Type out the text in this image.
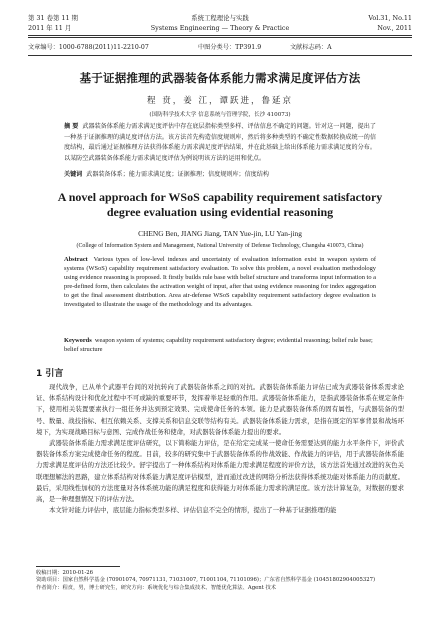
第 31 卷第 11 期	系统工程理论与实践	Vol.31, No.11
2011 年 11 月	Systems Engineering — Theory & Practice	Nov., 2011
文章编号：1000-6788(2011)11-2210-07	中图分类号：TP391.9	文献标志码：A
基于证据推理的武器装备体系能力需求满足度评估方法
程 贲，姜 江，谭跃进，鲁延京
(国防科学技术大学 信息系统与管理学院，长沙 410073)
摘 要 武器装备体系能力需求满足度评估中存在底层指标类型多样、评估信息不确定的问题。针对这一问题，提出了一种基于证据推理的满足度评估方法。该方法首先构造信度规则库，然后将多种类型的不确定性数据转换成统一的信度结构，最后通过证据推理方法获得体系能力需求满足度评估结果，并在此基础上给出体系能力需求满足度的分布。以某防空武器装备体系能力需求满足度评估为例说明该方法的运用和优点。
关键词 武器装备体系；能力需求满足度；证据推理；信度规则库；信度结构
A novel approach for WSoS capability requirement satisfactory degree evaluation using evidential reasoning
CHENG Ben, JIANG Jiang, TAN Yue-jin, LU Yan-jing
(College of Information System and Management, National University of Defense Technology, Changsha 410073, China)
Abstract Various types of low-level indexes and uncertainty of evaluation information exist in weapon system of systems (WSoS) capability requirement satisfactory evaluation. To solve this problem, a novel evaluation methodology using evidence reasoning is proposed. It firstly builds rule base with belief structure and transforms input information to a pre-defined form, then calculates the activation weight of input, after that using evidence reasoning for index aggregation to get the final assessment distribution. Area air-defense WSoS capability requirement satisfactory degree evaluation is investigated to illustrate the usage of the methodology and its advantages.
Keywords weapon system of systems; capability requirement satisfactory degree; evidential reasoning; belief rule base; belief structure
1 引言

现代战争，已从单个武器平台间的对抗转向了武器装备体系之间的对抗。武器装备体系能力评估已成为武器装备体系需求论证、体系结构设计和优化过程中不可或缺的重要环节，发挥着举足轻重的作用。武器装备体系能力，是指武器装备体系在规定条件下，使用相关装置要素执行一组任务并达到预定效果、完成使命任务的本领。能力是武器装备体系的固有属性，与武器装备的型号、数量、战技指标、相互依赖关系、支撑关系和信息交联等结构有关。武器装备体系能力需求，是指在既定的军事背景和战场环境下，为实现战略目标与意图、完成作战任务和使命，对武器装备体系能力提出的要求。

武器装备体系能力需求满足度评估研究，以下简称能力评估，是在给定完成某一使命任务需要达到的能力水平条件下，评价武器装备体系方案完成使命任务的程度。目前，较多的研究集中于武器装备体系的作战效能、作战能力的评估，用于武器装备体系能力需求满足度评估的方法还比较少。舒宇提出了一种体系结构对体系能力需求满足程度的评价方法，该方法首先通过改进的灰色关联理想解法的思路，建立体系结构对体系能力满足度评估模型，进而通过改进的网络分析法获得体系统功能对体系能力的贡献度。最后，采用线性加权的方法度量对各体系统功能的满足程度和获得能力对体系能力需求的满足度。该方法计算复杂，对数据的要求高，是一种理想情况下的评估方法。

本文针对能力评估中，底层能力指标类型多样、评估信息不完全的情形，提出了一种基于证据推理的能

收稿日期：2010-01-26
资助项目：国家自然科学基金 (70901074, 70971131, 71031007, 71001104, 71101096)；广东省自然科学基金 (10451802904005327)
作者简介：程贲，男，博士研究生，研究方向：系统优化与综合集成技术、智能优化算法、Agent 技术
